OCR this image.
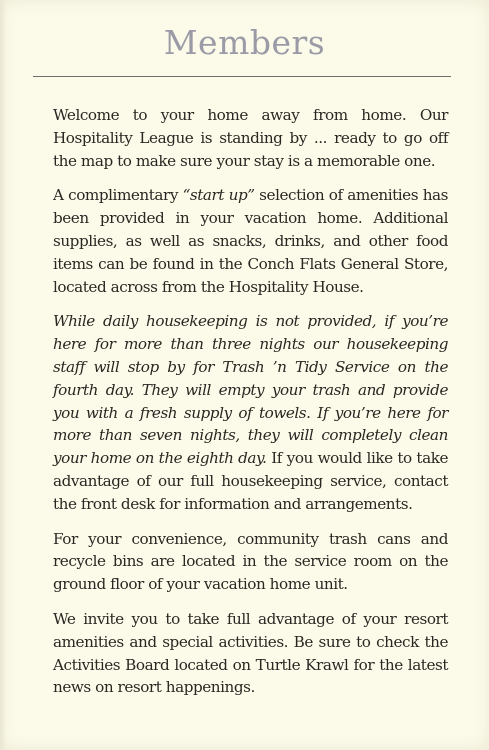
Members

Welcome to your home away from home. Our Hospitality League is standing by ... ready to go off the map to make sure your stay is a memorable one.

A complimentary “start up” selection of amenities has been provided in your vacation home. Additional supplies, as well as snacks, drinks, and other food items can be found in the Conch Flats General Store, located across from the Hospitality House.

While daily housekeeping is not provided, if you’re here for more than three nights our housekeeping staff will stop by for Trash ’n Tidy Service on the fourth day. They will empty your trash and provide you with a fresh supply of towels. If you’re here for more than seven nights, they will completely clean your home on the eighth day. If you would like to take advantage of our full housekeeping service, contact the front desk for information and arrangements.

For your convenience, community trash cans and recycle bins are located in the service room on the ground floor of your vacation home unit.

We invite you to take full advantage of your resort amenities and special activities. Be sure to check the Activities Board located on Turtle Krawl for the latest news on resort happenings.
